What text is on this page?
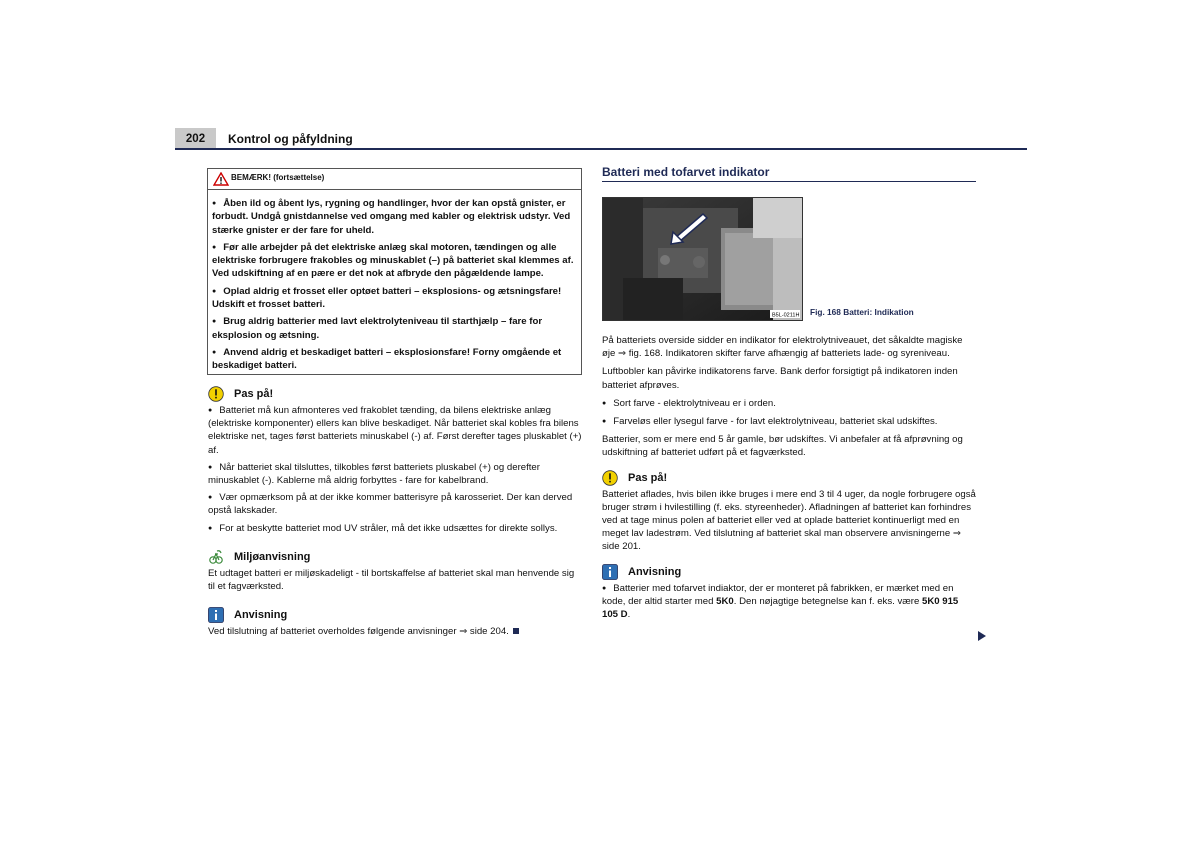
202	Kontrol og påfyldning
BEMÆRK! (fortsættelse)

● Åben ild og åbent lys, rygning og handlinger, hvor der kan opstå gnister, er forbudt. Undgå gnistdannelse ved omgang med kabler og elektrisk udstyr. Ved stærke gnister er der fare for uheld.

● Før alle arbejder på det elektriske anlæg skal motoren, tændingen og alle elektriske forbrugere frakobles og minuskablet (–) på batteriet skal klemmes af. Ved udskiftning af en pære er det nok at afbryde den pågældende lampe.

● Oplad aldrig et frosset eller optøet batteri – eksplosions- og ætsningsfare! Udskift et frosset batteri.

● Brug aldrig batterier med lavt elektrolyteniveau til starthjælp – fare for eksplosion og ætsning.

● Anvend aldrig et beskadiget batteri – eksplosionsfare! Forny omgående et beskadiget batteri.

Pas på!

● Batteriet må kun afmonteres ved frakoblet tænding, da bilens elektriske anlæg (elektriske komponenter) ellers kan blive beskadiget. Når batteriet skal kobles fra bilens elektriske net, tages først batteriets minuskabel (-) af. Først derefter tages pluskablet (+) af.

● Når batteriet skal tilsluttes, tilkobles først batteriets pluskabel (+) og derefter minuskablet (-). Kablerne må aldrig forbyttes - fare for kabelbrand.

● Vær opmærksom på at der ikke kommer batterisyre på karosseriet. Der kan derved opstå lakskader.

● For at beskytte batteriet mod UV stråler, må det ikke udsættes for direkte sollys.

Miljøanvisning

Et udtaget batteri er miljøskadeligt - til bortskaffelse af batteriet skal man henvende sig til et fagværksted.

Anvisning

Ved tilslutning af batteriet overholdes følgende anvisninger ⇒ side 204.

Batteri med tofarvet indikator
B5L-0211H Fig. 168 Batteri: Indikation

På batteriets overside sidder en indikator for elektrolytniveauet, det såkaldte magiske øje ⇒ fig. 168. Indikatoren skifter farve afhængig af batteriets lade- og syreniveau.

Luftbobler kan påvirke indikatorens farve. Bank derfor forsigtigt på indikatoren inden batteriet afprøves.

● Sort farve - elektrolytniveau er i orden.

● Farveløs eller lysegul farve - for lavt elektrolytniveau, batteriet skal udskiftes.

Batterier, som er mere end 5 år gamle, bør udskiftes. Vi anbefaler at få afprøvning og udskiftning af batteriet udført på et fagværksted.

Pas på!

Batteriet aflades, hvis bilen ikke bruges i mere end 3 til 4 uger, da nogle forbrugere også bruger strøm i hvilestilling (f. eks. styreenheder). Afladningen af batteriet kan forhindres ved at tage minus polen af batteriet eller ved at oplade batteriet kontinuerligt med en meget lav ladestrøm. Ved tilslutning af batteriet skal man observere anvisningerne ⇒ side 201.

Anvisning

● Batterier med tofarvet indiaktor, der er monteret på fabrikken, er mærket med en kode, der altid starter med 5K0. Den nøjagtige betegnelse kan f. eks. være 5K0 915 105 D.
